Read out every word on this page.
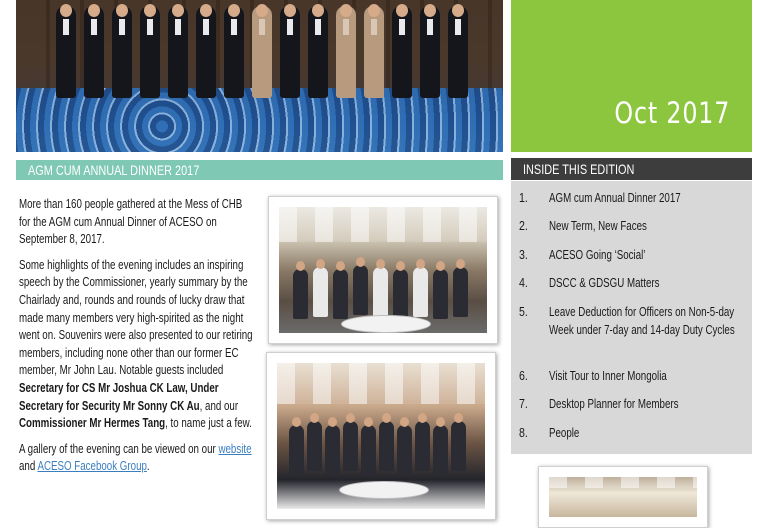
Oct 2017
AGM CUM ANNUAL DINNER 2017	INSIDE THIS EDITION
1.	AGM cum Annual Dinner 2017
2.	New Term, New Faces
3.	ACESO Going ‘Social’
4.	DSCC & GDSGU Matters
5.	Leave Deduction for Officers on Non-5-day Week under 7-day and 14-day Duty Cycles
6.	Visit Tour to Inner Mongolia
7.	Desktop Planner for Members
8.	People

More than 160 people gathered at the Mess of CHB for the AGM cum Annual Dinner of ACESO on September 8, 2017.

Some highlights of the evening includes an inspiring speech by the Commissioner, yearly summary by the Chairlady and, rounds and rounds of lucky draw that made many members very high-spirited as the night went on. Souvenirs were also presented to our retiring members, including none other than our former EC member, Mr John Lau. Notable guests included Secretary for CS Mr Joshua CK Law, Under Secretary for Security Mr Sonny CK Au, and our Commissioner Mr Hermes Tang, to name just a few.

A gallery of the evening can be viewed on our website and ACESO Facebook Group.
